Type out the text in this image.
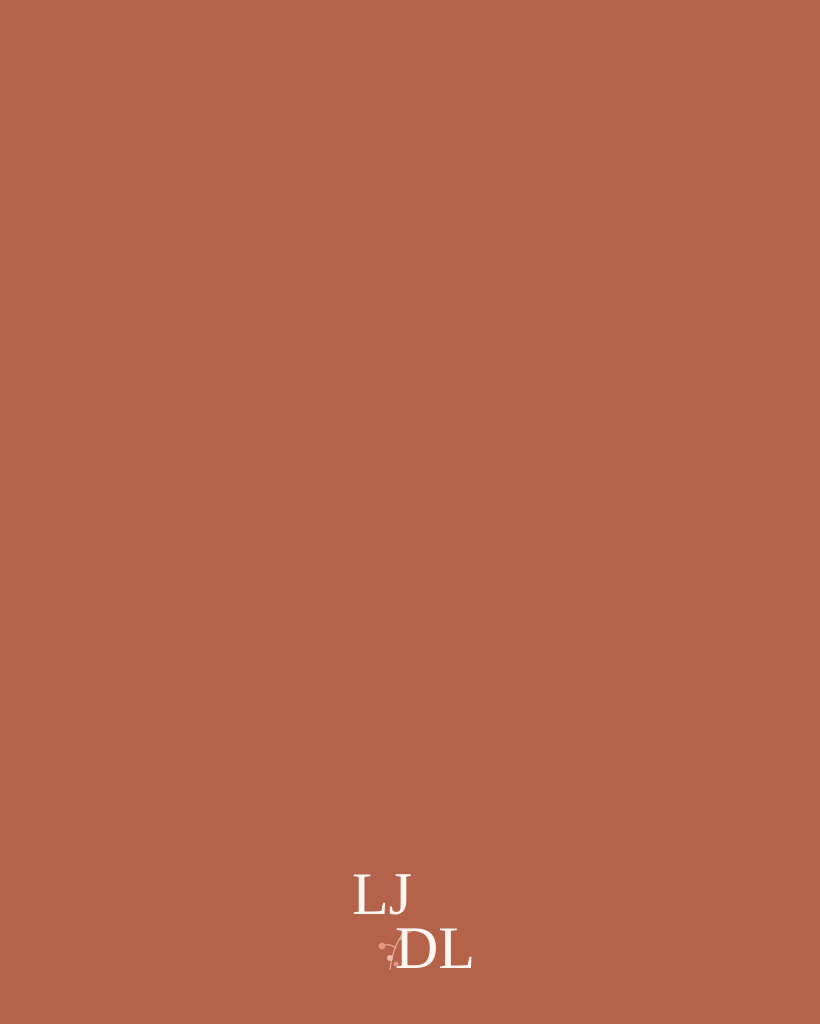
LJ
DL
